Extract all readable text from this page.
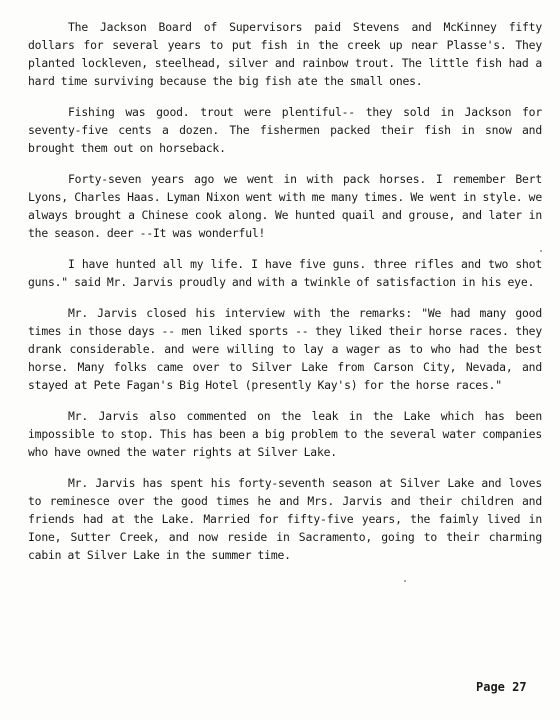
The Jackson Board of Supervisors paid Stevens and McKinney fifty dollars for several years to put fish in the creek up near Plasse's. They planted lockleven, steelhead, silver and rainbow trout. The little fish had a hard time surviving because the big fish ate the small ones.

Fishing was good. trout were plentiful-- they sold in Jackson for seventy-five cents a dozen. The fishermen packed their fish in snow and brought them out on horseback.

Forty-seven years ago we went in with pack horses. I remember Bert Lyons, Charles Haas. Lyman Nixon went with me many times. We went in style. we always brought a Chinese cook along. We hunted quail and grouse, and later in the season. deer --It was wonderful!

I have hunted all my life. I have five guns. three rifles and two shot guns." said Mr. Jarvis proudly and with a twinkle of satisfaction in his eye.

Mr. Jarvis closed his interview with the remarks: "We had many good times in those days -- men liked sports -- they liked their horse races. they drank considerable. and were willing to lay a wager as to who had the best horse. Many folks came over to Silver Lake from Carson City, Nevada, and stayed at Pete Fagan's Big Hotel (presently Kay's) for the horse races."

Mr. Jarvis also commented on the leak in the Lake which has been impossible to stop. This has been a big problem to the several water companies who have owned the water rights at Silver Lake.

Mr. Jarvis has spent his forty-seventh season at Silver Lake and loves to reminesce over the good times he and Mrs. Jarvis and their children and friends had at the Lake. Married for fifty-five years, the faimly lived in Ione, Sutter Creek, and now reside in Sacramento, going to their charming cabin at Silver Lake in the summer time.

Page 27
